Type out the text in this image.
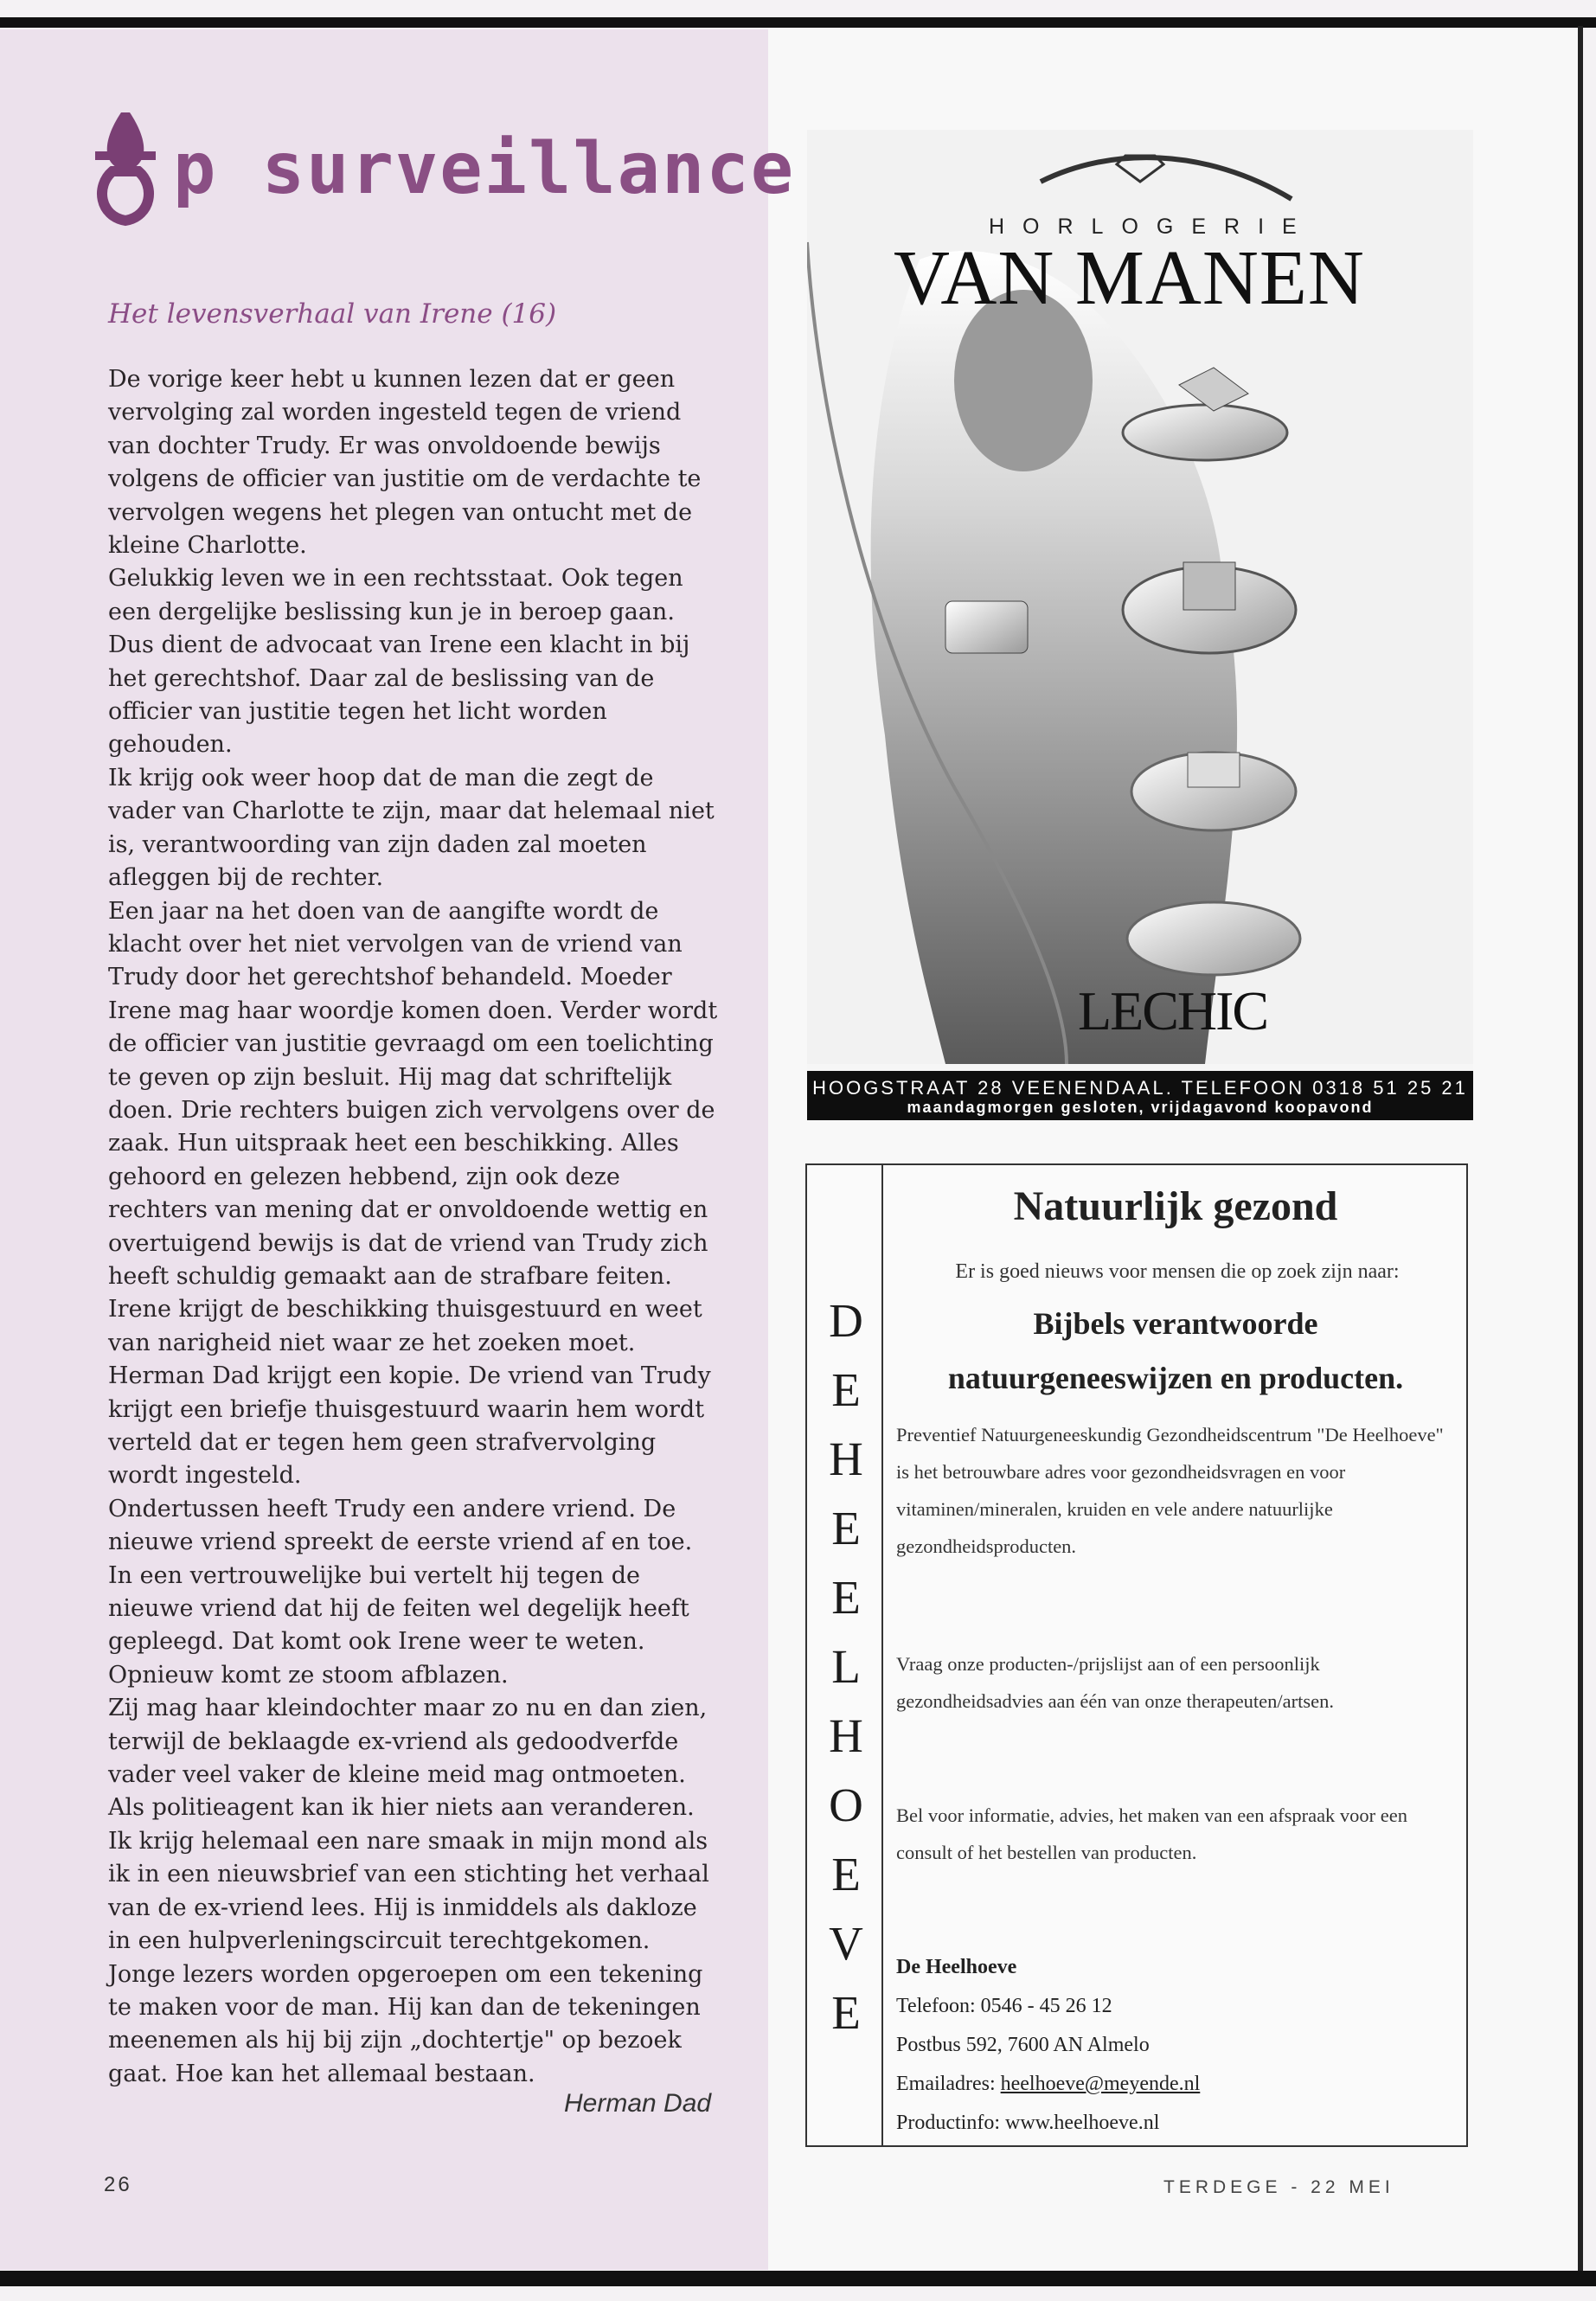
p surveillance
Het levensverhaal van Irene (16)

De vorige keer hebt u kunnen lezen dat er geen vervolging zal worden ingesteld tegen de vriend van dochter Trudy. Er was onvoldoende bewijs volgens de officier van justitie om de verdachte te vervolgen wegens het plegen van ontucht met de kleine Charlotte.

Gelukkig leven we in een rechtsstaat. Ook tegen een dergelijke beslissing kun je in beroep gaan. Dus dient de advocaat van Irene een klacht in bij het gerechtshof. Daar zal de beslissing van de officier van justitie tegen het licht worden gehouden.

Ik krijg ook weer hoop dat de man die zegt de vader van Charlotte te zijn, maar dat helemaal niet is, verantwoording van zijn daden zal moeten afleggen bij de rechter.

Een jaar na het doen van de aangifte wordt de klacht over het niet vervolgen van de vriend van Trudy door het gerechtshof behandeld. Moeder Irene mag haar woordje komen doen. Verder wordt de officier van justitie gevraagd om een toelichting te geven op zijn besluit. Hij mag dat schriftelijk doen. Drie rechters buigen zich vervolgens over de zaak. Hun uitspraak heet een beschikking. Alles gehoord en gelezen hebbend, zijn ook deze rechters van mening dat er onvoldoende wettig en overtuigend bewijs is dat de vriend van Trudy zich heeft schuldig gemaakt aan de strafbare feiten.

Irene krijgt de beschikking thuisgestuurd en weet van narigheid niet waar ze het zoeken moet. Herman Dad krijgt een kopie. De vriend van Trudy krijgt een briefje thuisgestuurd waarin hem wordt verteld dat er tegen hem geen strafvervolging wordt ingesteld.

Ondertussen heeft Trudy een andere vriend. De nieuwe vriend spreekt de eerste vriend af en toe. In een vertrouwelijke bui vertelt hij tegen de nieuwe vriend dat hij de feiten wel degelijk heeft gepleegd. Dat komt ook Irene weer te weten. Opnieuw komt ze stoom afblazen.

Zij mag haar kleindochter maar zo nu en dan zien, terwijl de beklaagde ex-vriend als gedoodverfde vader veel vaker de kleine meid mag ontmoeten. Als politieagent kan ik hier niets aan veranderen.

Ik krijg helemaal een nare smaak in mijn mond als ik in een nieuwsbrief van een stichting het verhaal van de ex-vriend lees. Hij is inmiddels als dakloze in een hulpverleningscircuit terechtgekomen. Jonge lezers worden opgeroepen om een tekening te maken voor de man. Hij kan dan de tekeningen meenemen als hij bij zijn „dochtertje" op bezoek gaat. Hoe kan het allemaal bestaan.

Herman Dad
26	TERDEGE - 22 MEI
HORLOGERIE
VAN MANEN
LECHIC
HOOGSTRAAT 28 VEENENDAAL. TELEFOON 0318 51 25 21
maandagmorgen gesloten, vrijdagavond koopavond
D
E
H
E
E
L
H
O
E
V
E
Natuurlijk gezond
Er is goed nieuws voor mensen die op zoek zijn naar:
Bijbels verantwoorde
natuurgeneeswijzen en producten.
Preventief Natuurgeneeskundig Gezondheidscentrum "De Heelhoeve" is het betrouwbare adres voor gezondheidsvragen en voor vitaminen/mineralen, kruiden en vele andere natuurlijke gezondheidsproducten.
Vraag onze producten-/prijslijst aan of een persoonlijk gezondheidsadvies aan één van onze therapeuten/artsen.
Bel voor informatie, advies, het maken van een afspraak voor een consult of het bestellen van producten.
De Heelhoeve
Telefoon: 0546 - 45 26 12
Postbus 592, 7600 AN Almelo
Emailadres: heelhoeve@meyende.nl
Productinfo: www.heelhoeve.nl
